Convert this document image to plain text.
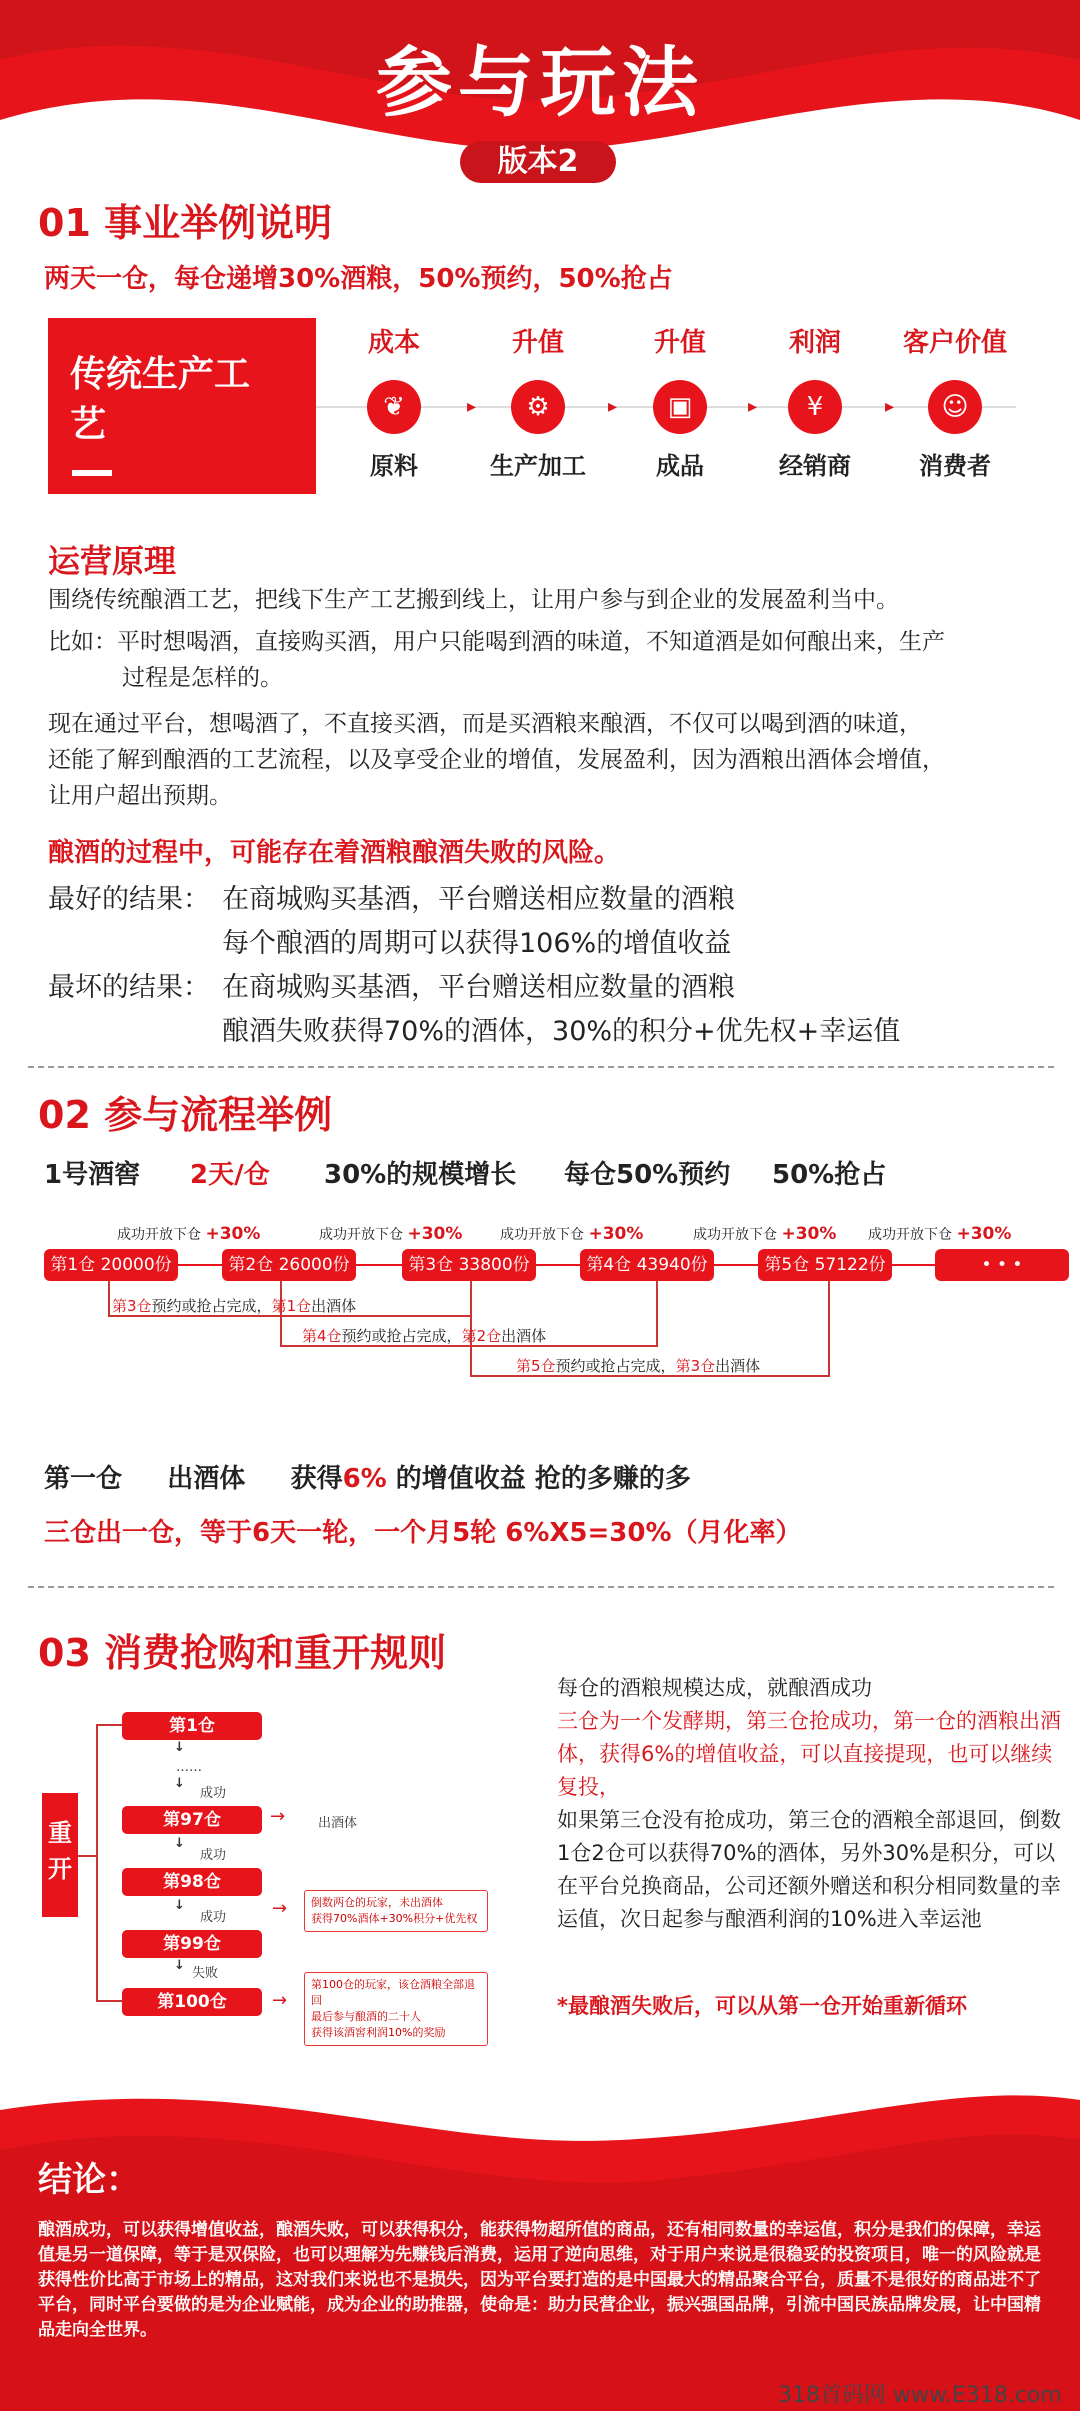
参与玩法
版本2
01 事业举例说明
两天一仓，每仓递增30%酒粮，50%预约，50%抢占
传统生产工艺
成本	升值	升值	利润	客户价值
❦	⚙	▣	¥	☺
▸	▸	▸	▸
原料	生产加工	成品	经销商	消费者
运营原理
围绕传统酿酒工艺，把线下生产工艺搬到线上，让用户参与到企业的发展盈利当中。
比如：平时想喝酒，直接购买酒，用户只能喝到酒的味道，不知道酒是如何酿出来，生产
过程是怎样的。
现在通过平台，想喝酒了，不直接买酒，而是买酒粮来酿酒，不仅可以喝到酒的味道，
还能了解到酿酒的工艺流程，以及享受企业的增值，发展盈利，因为酒粮出酒体会增值，
让用户超出预期。
酿酒的过程中，可能存在着酒粮酿酒失败的风险。
最好的结果： 在商城购买基酒，平台赠送相应数量的酒粮
每个酿酒的周期可以获得106%的增值收益
最坏的结果： 在商城购买基酒，平台赠送相应数量的酒粮
酿酒失败获得70%的酒体，30%的积分+优先权+幸运值
02 参与流程举例
1号酒窖 2天/仓 30%的规模增长 每仓50%预约 50%抢占
成功开放下仓 +30%	成功开放下仓 +30%	成功开放下仓 +30%	成功开放下仓 +30% 成功开放下仓 +30%
第1仓 20000份	第2仓 26000份	第3仓 33800份	第4仓 43940份	第5仓 57122份	• • •
第3仓预约或抢占完成，第1仓出酒体
第4仓预约或抢占完成，第2仓出酒体
第5仓预约或抢占完成，第3仓出酒体
第一仓 出酒体 获得6% 的增值收益 抢的多赚的多
三仓出一仓，等于6天一轮，一个月5轮 6%X5=30%（月化率）
03 消费抢购和重开规则
重开
第1仓
↓
……
↓
成功
第97仓	→	出酒体
↓
成功
第98仓
↓
成功
第99仓
↓
失败
第100仓
→ 倒数两仓的玩家，未出酒体
获得70%酒体+30%积分+优先权
→
第100仓的玩家，该仓酒粮全部退回
最后参与酿酒的二十人
获得该酒窖利润10%的奖励
每仓的酒粮规模达成，就酿酒成功
三仓为一个发酵期，第三仓抢成功，第一仓的酒粮出酒体，获得6%的增值收益，可以直接提现，也可以继续复投，
如果第三仓没有抢成功，第三仓的酒粮全部退回，倒数1仓2仓可以获得70%的酒体，另外30%是积分，可以在平台兑换商品，公司还额外赠送和积分相同数量的幸运值，次日起参与酿酒利润的10%进入幸运池
*最酿酒失败后，可以从第一仓开始重新循环
结论：
酿酒成功，可以获得增值收益，酿酒失败，可以获得积分，能获得物超所值的商品，还有相同数量的幸运值，积分是我们的保障，幸运值是另一道保障，等于是双保险，也可以理解为先赚钱后消费，运用了逆向思维，对于用户来说是很稳妥的投资项目，唯一的风险就是获得性价比高于市场上的精品，这对我们来说也不是损失，因为平台要打造的是中国最大的精品聚合平台，质量不是很好的商品进不了平台，同时平台要做的是为企业赋能，成为企业的助推器，使命是：助力民营企业，振兴强国品牌，引流中国民族品牌发展，让中国精品走向全世界。
318首码网 www.E318.com
